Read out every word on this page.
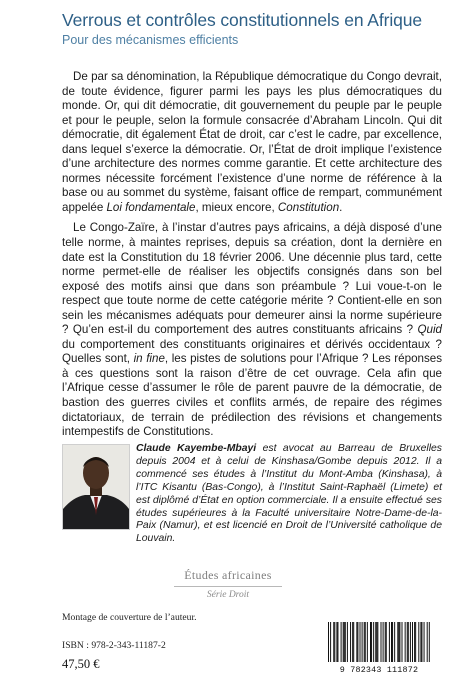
Verrous et contrôles constitutionnels en Afrique
Pour des mécanismes efficients

De par sa dénomination, la République démocratique du Congo devrait, de toute évidence, figurer parmi les pays les plus démocratiques du monde. Or, qui dit démocratie, dit gouvernement du peuple par le peuple et pour le peuple, selon la formule consacrée d’Abraham Lincoln. Qui dit démocratie, dit également État de droit, car c’est le cadre, par excellence, dans lequel s’exerce la démocratie. Or, l’État de droit implique l’existence d’une architecture des normes comme garantie. Et cette architecture des normes nécessite forcément l’existence d’une norme de référence à la base ou au sommet du système, faisant office de rempart, communément appelée Loi fondamentale, mieux encore, Constitution.

Le Congo-Zaïre, à l’instar d’autres pays africains, a déjà disposé d’une telle norme, à maintes reprises, depuis sa création, dont la dernière en date est la Constitution du 18 février 2006. Une décennie plus tard, cette norme permet-elle de réaliser les objectifs consignés dans son bel exposé des motifs ainsi que dans son préambule ? Lui voue-t-on le respect que toute norme de cette catégorie mérite ? Contient-elle en son sein les mécanismes adéquats pour demeurer ainsi la norme supérieure ? Qu’en est-il du comportement des autres constituants africains ? Quid du comportement des constituants originaires et dérivés occidentaux ? Quelles sont, in fine, les pistes de solutions pour l’Afrique ? Les réponses à ces questions sont la raison d’être de cet ouvrage. Cela afin que l’Afrique cesse d’assumer le rôle de parent pauvre de la démocratie, de bastion des guerres civiles et conflits armés, de repaire des régimes dictatoriaux, de terrain de prédilection des révisions et changements intempestifs de Constitutions.

Claude Kayembe-Mbayi est avocat au Barreau de Bruxelles depuis 2004 et à celui de Kinshasa/Gombe depuis 2012. Il a commencé ses études à l’Institut du Mont-Amba (Kinshasa), à l’ITC Kisantu (Bas-Congo), à l’Institut Saint-Raphaël (Limete) et est diplômé d’État en option commerciale. Il a ensuite effectué ses études supérieures à la Faculté universitaire Notre-Dame-de-la-Paix (Namur), et est licencié en Droit de l’Université catholique de Louvain.
Études africaines
Série Droit
Montage de couverture de l’auteur.
ISBN : 978-2-343-11187-2
47,50 €	9 782343 111872
